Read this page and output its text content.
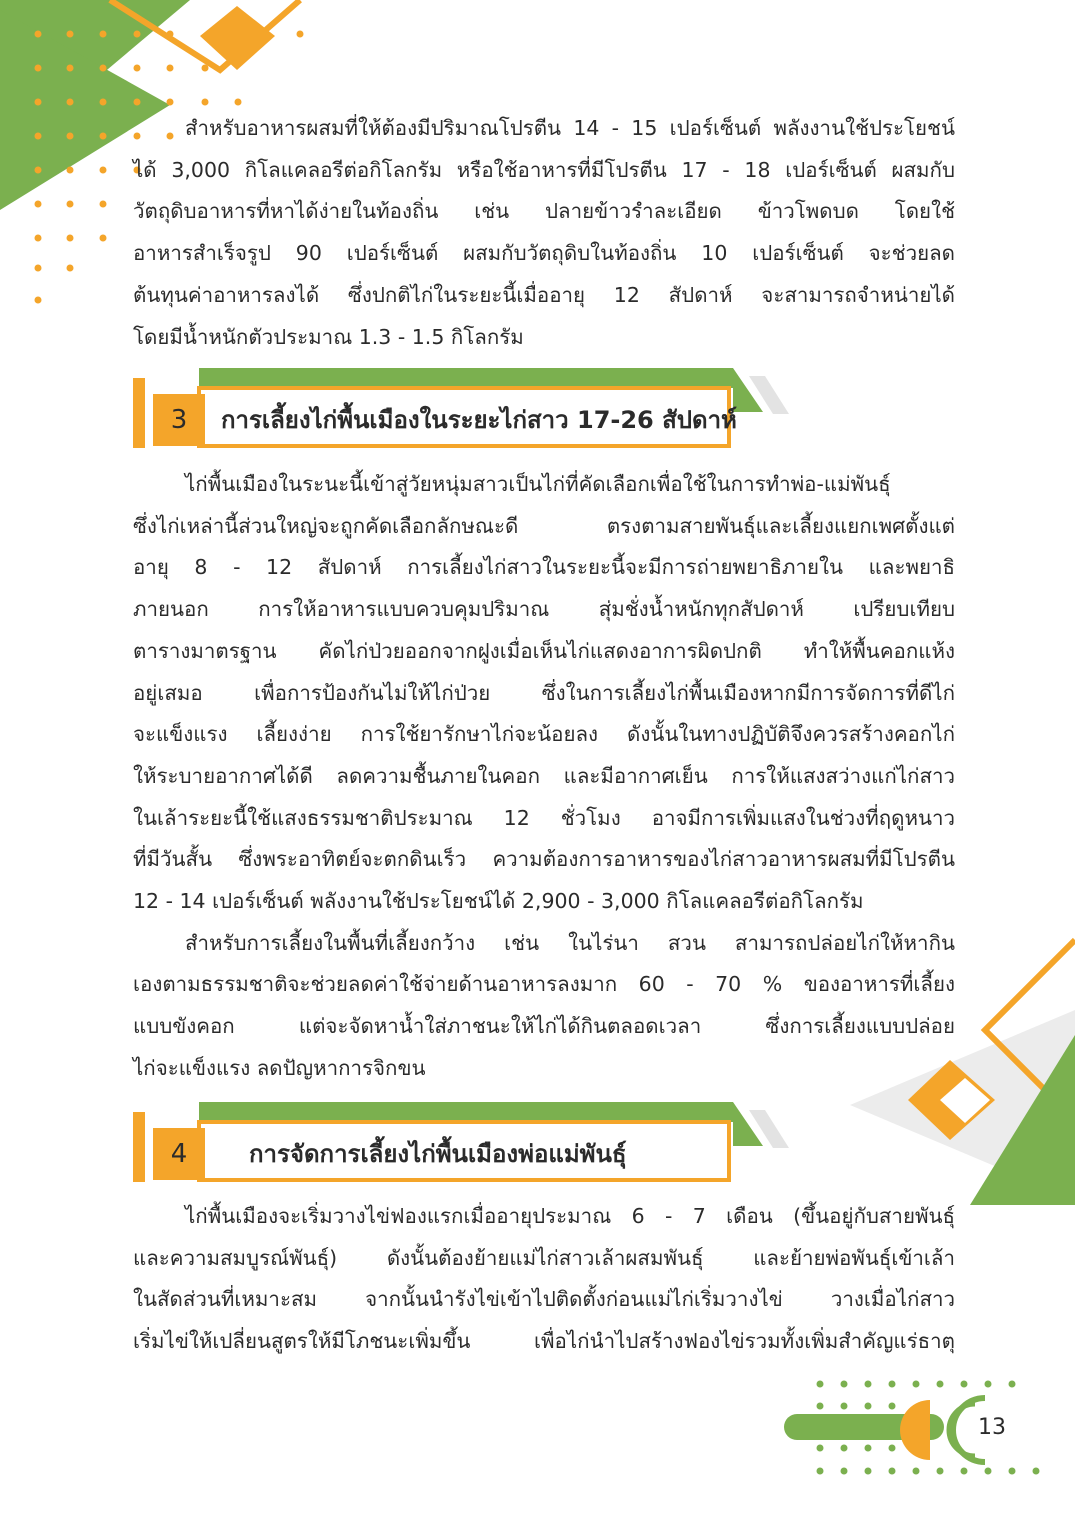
สำหรับอาหารผสมที่ให้ต้องมีปริมาณโปรตีน 14 - 15 เปอร์เซ็นต์ พลังงานใช้ประโยชน์

ได้ 3,000 กิโลแคลอรีต่อกิโลกรัม หรือใช้อาหารที่มีโปรตีน 17 - 18 เปอร์เซ็นต์ ผสมกับ

วัตถุดิบอาหารที่หาได้ง่ายในท้องถิ่น เช่น ปลายข้าวรำละเอียด ข้าวโพดบด โดยใช้

อาหารสำเร็จรูป 90 เปอร์เซ็นต์ ผสมกับวัตถุดิบในท้องถิ่น 10 เปอร์เซ็นต์ จะช่วยลด

ต้นทุนค่าอาหารลงได้ ซึ่งปกติไก่ในระยะนี้เมื่ออายุ 12 สัปดาห์ จะสามารถจำหน่ายได้

โดยมีน้ำหนักตัวประมาณ 1.3 - 1.5 กิโลกรัม

3	การเลี้ยงไก่พื้นเมืองในระยะไก่สาว 17-26 สัปดาห์

ไก่พื้นเมืองในระนะนี้เข้าสู่วัยหนุ่มสาวเป็นไก่ที่คัดเลือกเพื่อใช้ในการทำพ่อ-แม่พันธุ์

ซึ่งไก่เหล่านี้ส่วนใหญ่จะถูกคัดเลือกลักษณะดี ตรงตามสายพันธุ์และเลี้ยงแยกเพศตั้งแต่

อายุ 8 - 12 สัปดาห์ การเลี้ยงไก่สาวในระยะนี้จะมีการถ่ายพยาธิภายใน และพยาธิ

ภายนอก การให้อาหารแบบควบคุมปริมาณ สุ่มชั่งน้ำหนักทุกสัปดาห์ เปรียบเทียบ

ตารางมาตรฐาน คัดไก่ป่วยออกจากฝูงเมื่อเห็นไก่แสดงอาการผิดปกติ ทำให้พื้นคอกแห้ง

อยู่เสมอ เพื่อการป้องกันไม่ให้ไก่ป่วย ซึ่งในการเลี้ยงไก่พื้นเมืองหากมีการจัดการที่ดีไก่

จะแข็งแรง เลี้ยงง่าย การใช้ยารักษาไก่จะน้อยลง ดังนั้นในทางปฏิบัติจึงควรสร้างคอกไก่

ให้ระบายอากาศได้ดี ลดความชื้นภายในคอก และมีอากาศเย็น การให้แสงสว่างแก่ไก่สาว

ในเล้าระยะนี้ใช้แสงธรรมชาติประมาณ 12 ชั่วโมง อาจมีการเพิ่มแสงในช่วงที่ฤดูหนาว

ที่มีวันสั้น ซึ่งพระอาทิตย์จะตกดินเร็ว ความต้องการอาหารของไก่สาวอาหารผสมที่มีโปรตีน

12 - 14 เปอร์เซ็นต์ พลังงานใช้ประโยชน์ได้ 2,900 - 3,000 กิโลแคลอรีต่อกิโลกรัม

สำหรับการเลี้ยงในพื้นที่เลี้ยงกว้าง เช่น ในไร่นา สวน สามารถปล่อยไก่ให้หากิน

เองตามธรรมชาติจะช่วยลดค่าใช้จ่ายด้านอาหารลงมาก 60 - 70 % ของอาหารที่เลี้ยง

แบบขังคอก แต่จะจัดหาน้ำใส่ภาชนะให้ไก่ได้กินตลอดเวลา ซึ่งการเลี้ยงแบบปล่อย

ไก่จะแข็งแรง ลดปัญหาการจิกขน

4	การจัดการเลี้ยงไก่พื้นเมืองพ่อแม่พันธุ์

ไก่พื้นเมืองจะเริ่มวางไข่ฟองแรกเมื่ออายุประมาณ 6 - 7 เดือน (ขึ้นอยู่กับสายพันธุ์

และความสมบูรณ์พันธุ์) ดังนั้นต้องย้ายแม่ไก่สาวเล้าผสมพันธุ์ และย้ายพ่อพันธุ์เข้าเล้า

ในสัดส่วนที่เหมาะสม จากนั้นนำรังไข่เข้าไปติดตั้งก่อนแม่ไก่เริ่มวางไข่ วางเมื่อไก่สาว

เริ่มไข่ให้เปลี่ยนสูตรให้มีโภชนะเพิ่มขึ้น เพื่อไก่นำไปสร้างฟองไข่รวมทั้งเพิ่มสำคัญแร่ธาตุ

13
